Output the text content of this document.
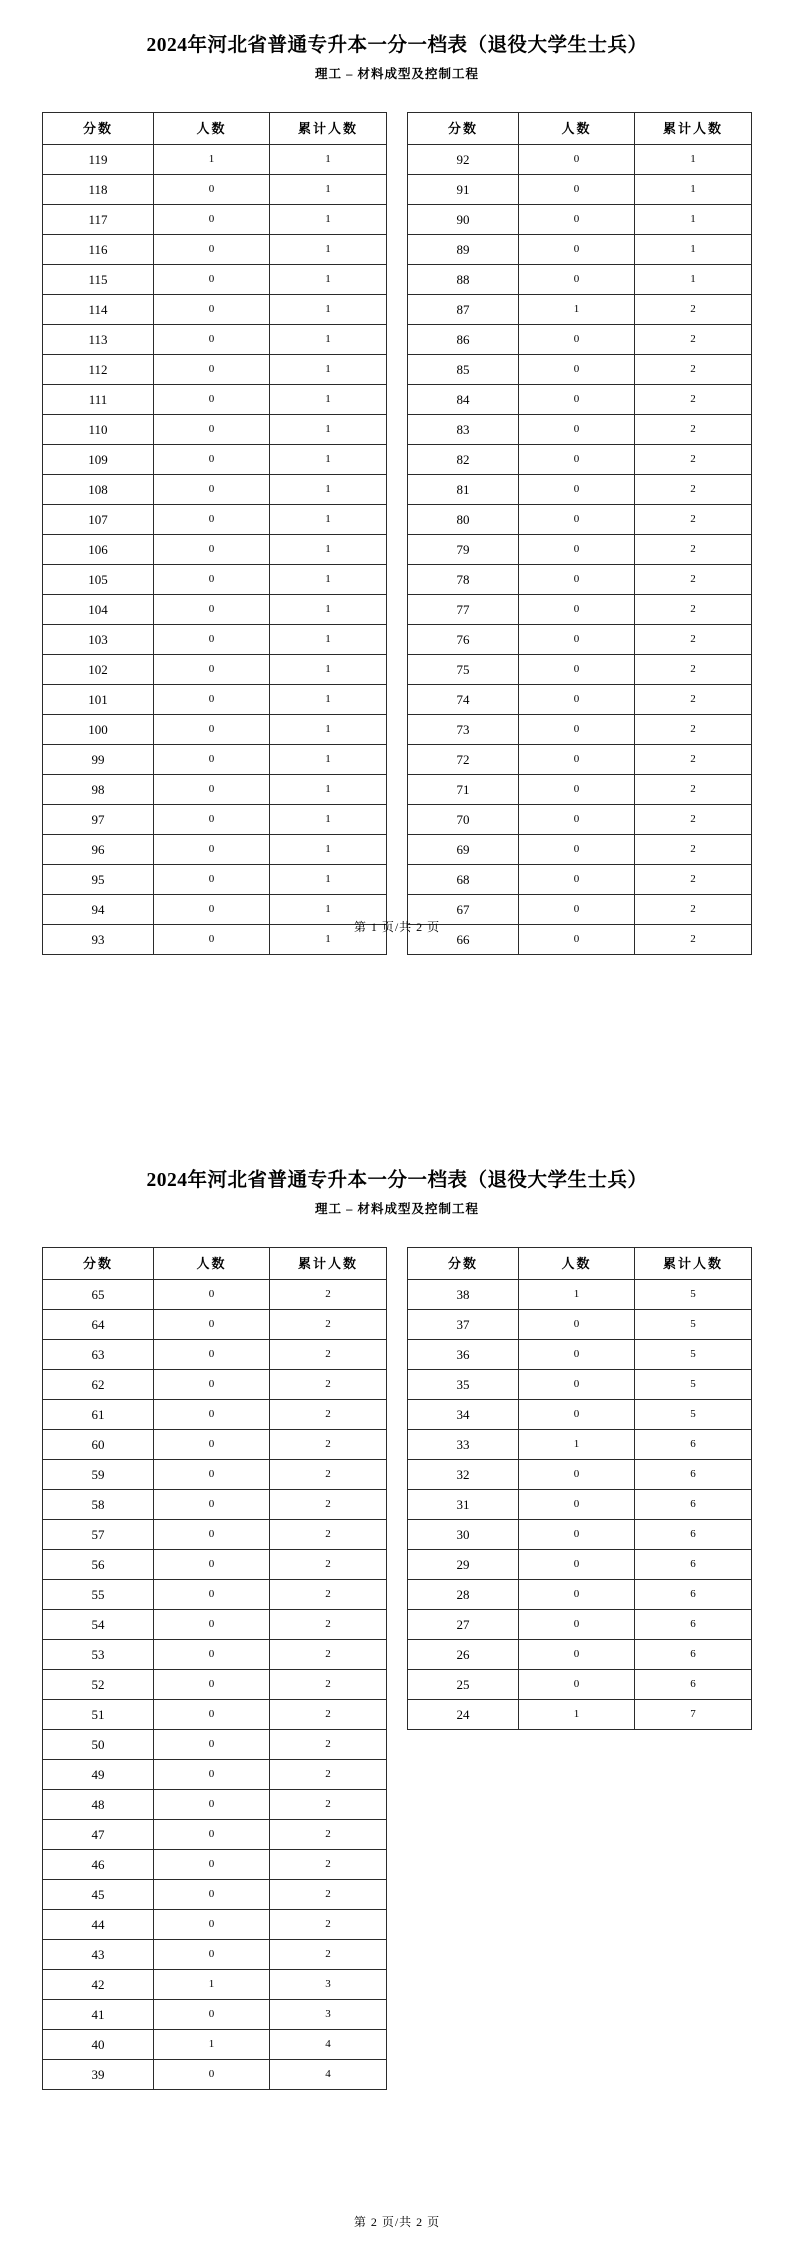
2024年河北省普通专升本一分一档表（退役大学生士兵）
理工 – 材料成型及控制工程
分数	人数	累计人数
119	1	1
118	0	1
117	0	1
116	0	1
115	0	1
114	0	1
113	0	1
112	0	1
111	0	1
110	0	1
109	0	1
108	0	1
107	0	1
106	0	1
105	0	1
104	0	1
103	0	1
102	0	1
101	0	1
100	0	1
99	0	1
98	0	1
97	0	1
96	0	1
95	0	1
94	0	1
93	0	1
分数	人数	累计人数
92	0	1
91	0	1
90	0	1
89	0	1
88	0	1
87	1	2
86	0	2
85	0	2
84	0	2
83	0	2
82	0	2
81	0	2
80	0	2
79	0	2
78	0	2
77	0	2
76	0	2
75	0	2
74	0	2
73	0	2
72	0	2
71	0	2
70	0	2
69	0	2
68	0	2
67	0	2
66	0	2
第 1 页/共 2 页
2024年河北省普通专升本一分一档表（退役大学生士兵）
理工 – 材料成型及控制工程
分数	人数	累计人数
65	0	2
64	0	2
63	0	2
62	0	2
61	0	2
60	0	2
59	0	2
58	0	2
57	0	2
56	0	2
55	0	2
54	0	2
53	0	2
52	0	2
51	0	2
50	0	2
49	0	2
48	0	2
47	0	2
46	0	2
45	0	2
44	0	2
43	0	2
42	1	3
41	0	3
40	1	4
39	0	4
分数	人数	累计人数
38	1	5
37	0	5
36	0	5
35	0	5
34	0	5
33	1	6
32	0	6
31	0	6
30	0	6
29	0	6
28	0	6
27	0	6
26	0	6
25	0	6
24	1	7
第 2 页/共 2 页
